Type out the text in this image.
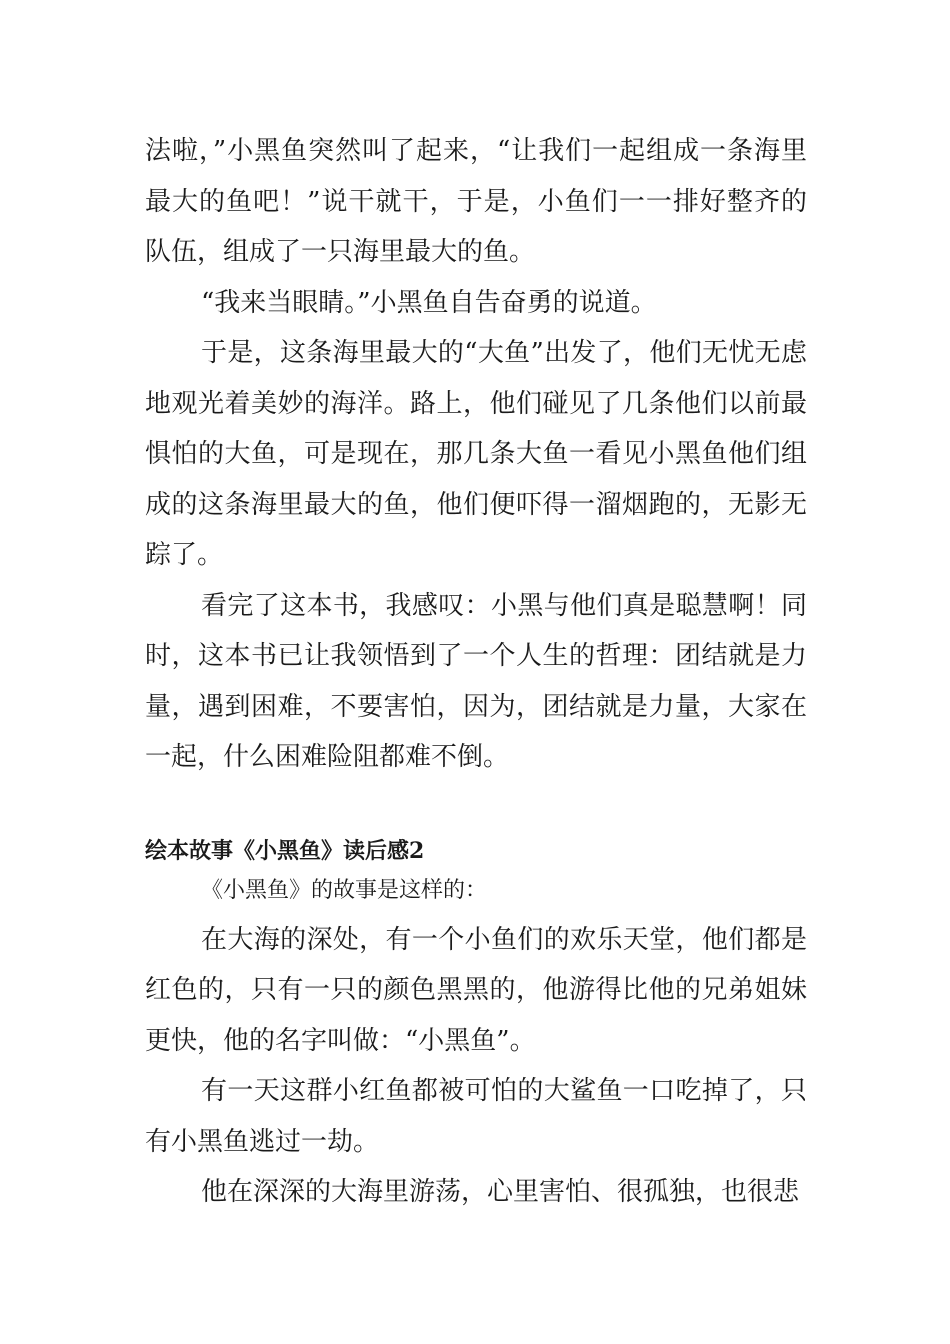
法啦，”小黑鱼突然叫了起来，“让我们一起组成一条海里最大的鱼吧！”说干就干，于是，小鱼们一一排好整齐的队伍，组成了一只海里最大的鱼。

“我来当眼睛。”小黑鱼自告奋勇的说道。

于是，这条海里最大的“大鱼”出发了，他们无忧无虑地观光着美妙的海洋。路上，他们碰见了几条他们以前最惧怕的大鱼，可是现在，那几条大鱼一看见小黑鱼他们组成的这条海里最大的鱼，他们便吓得一溜烟跑的，无影无踪了。

看完了这本书，我感叹：小黑与他们真是聪慧啊！同时，这本书已让我领悟到了一个人生的哲理：团结就是力量，遇到困难，不要害怕，因为，团结就是力量，大家在一起，什么困难险阻都难不倒。

绘本故事《小黑鱼》读后感2

《小黑鱼》的故事是这样的：

在大海的深处，有一个小鱼们的欢乐天堂，他们都是红色的，只有一只的颜色黑黑的，他游得比他的兄弟姐妹更快，他的名字叫做：“小黑鱼”。

有一天这群小红鱼都被可怕的大鲨鱼一口吃掉了，只有小黑鱼逃过一劫。

他在深深的大海里游荡，心里害怕、很孤独，也很悲
